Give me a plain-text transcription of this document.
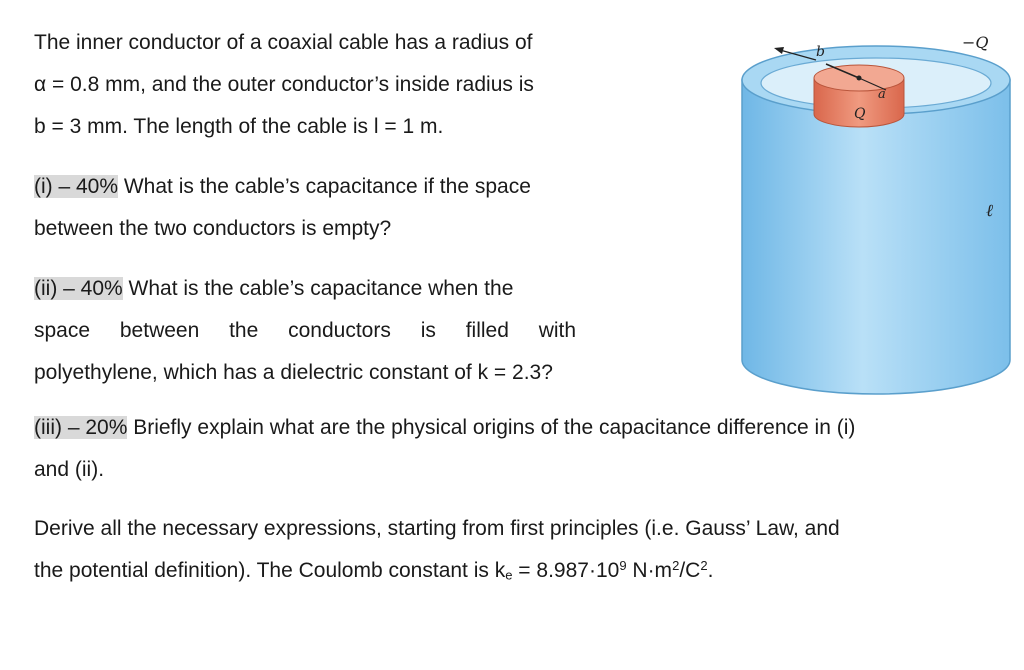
The inner conductor of a coaxial cable has a radius of

α = 0.8 mm, and the outer conductor’s inside radius is

b = 3 mm. The length of the cable is l = 1 m.

(i) – 40% What is the cable’s capacitance if the space

between the two conductors is empty?

(ii) – 40% What is the cable’s capacitance when the

space between the conductors is filled with

polyethylene, which has a dielectric constant of k = 2.3?

(iii) – 20% Briefly explain what are the physical origins of the capacitance difference in (i)

and (ii).

Derive all the necessary expressions, starting from first principles (i.e. Gauss’ Law, and

the potential definition). The Coulomb constant is $k_e = 8.987\cdot 10^9$ $N\cdot m^2/C^2$.

b
a
Q
−Q
ℓ
